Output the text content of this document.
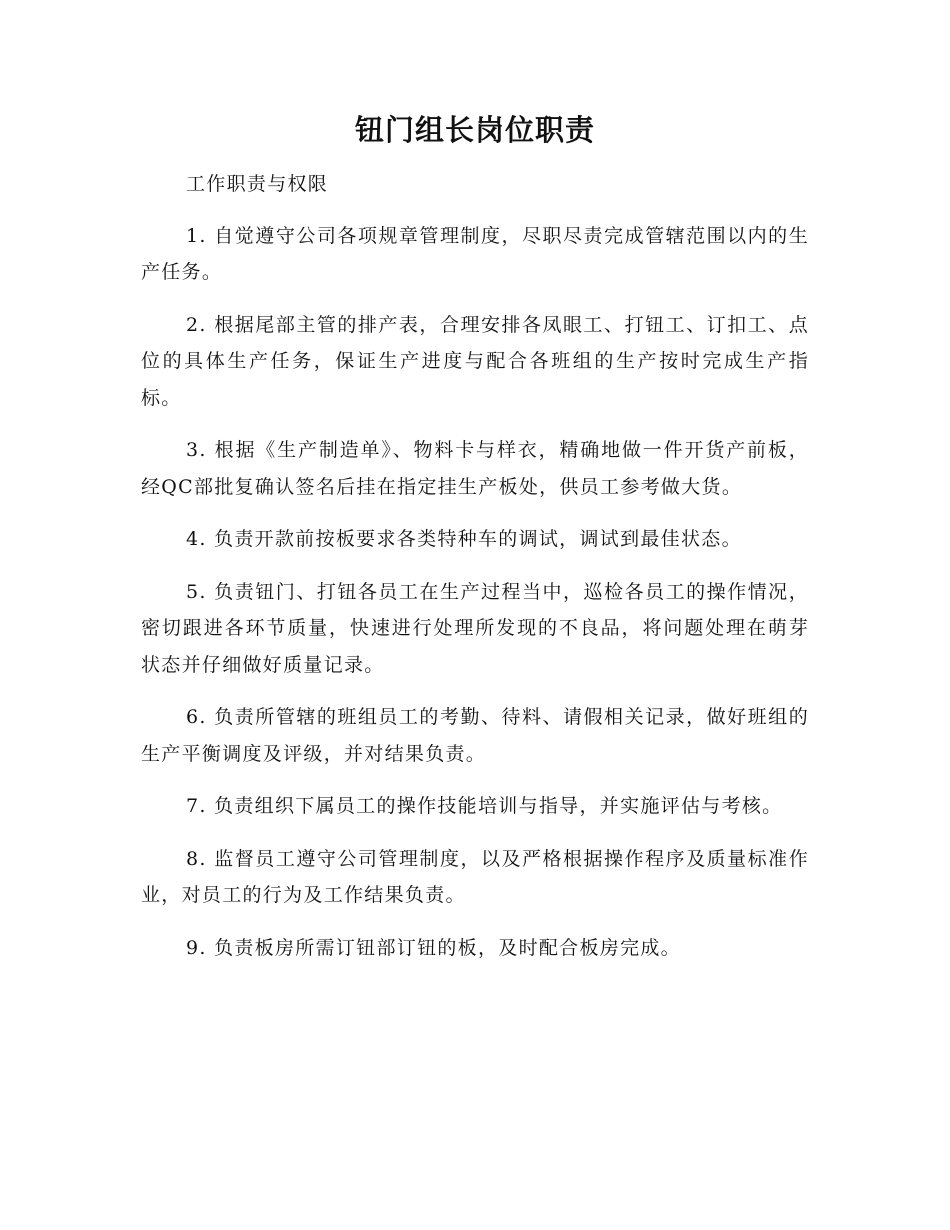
钮门组长岗位职责

工作职责与权限

1. 自觉遵守公司各项规章管理制度，尽职尽责完成管辖范围以内的生产任务。

2. 根据尾部主管的排产表，合理安排各凤眼工、打钮工、订扣工、点位的具体生产任务，保证生产进度与配合各班组的生产按时完成生产指标。

3. 根据《生产制造单》、物料卡与样衣，精确地做一件开货产前板，经QC部批复确认签名后挂在指定挂生产板处，供员工参考做大货。

4. 负责开款前按板要求各类特种车的调试，调试到最佳状态。

5. 负责钮门、打钮各员工在生产过程当中，巡检各员工的操作情况，密切跟进各环节质量，快速进行处理所发现的不良品，将问题处理在萌芽状态并仔细做好质量记录。

6. 负责所管辖的班组员工的考勤、待料、请假相关记录，做好班组的生产平衡调度及评级，并对结果负责。

7. 负责组织下属员工的操作技能培训与指导，并实施评估与考核。

8. 监督员工遵守公司管理制度，以及严格根据操作程序及质量标准作业，对员工的行为及工作结果负责。

9. 负责板房所需订钮部订钮的板，及时配合板房完成。
